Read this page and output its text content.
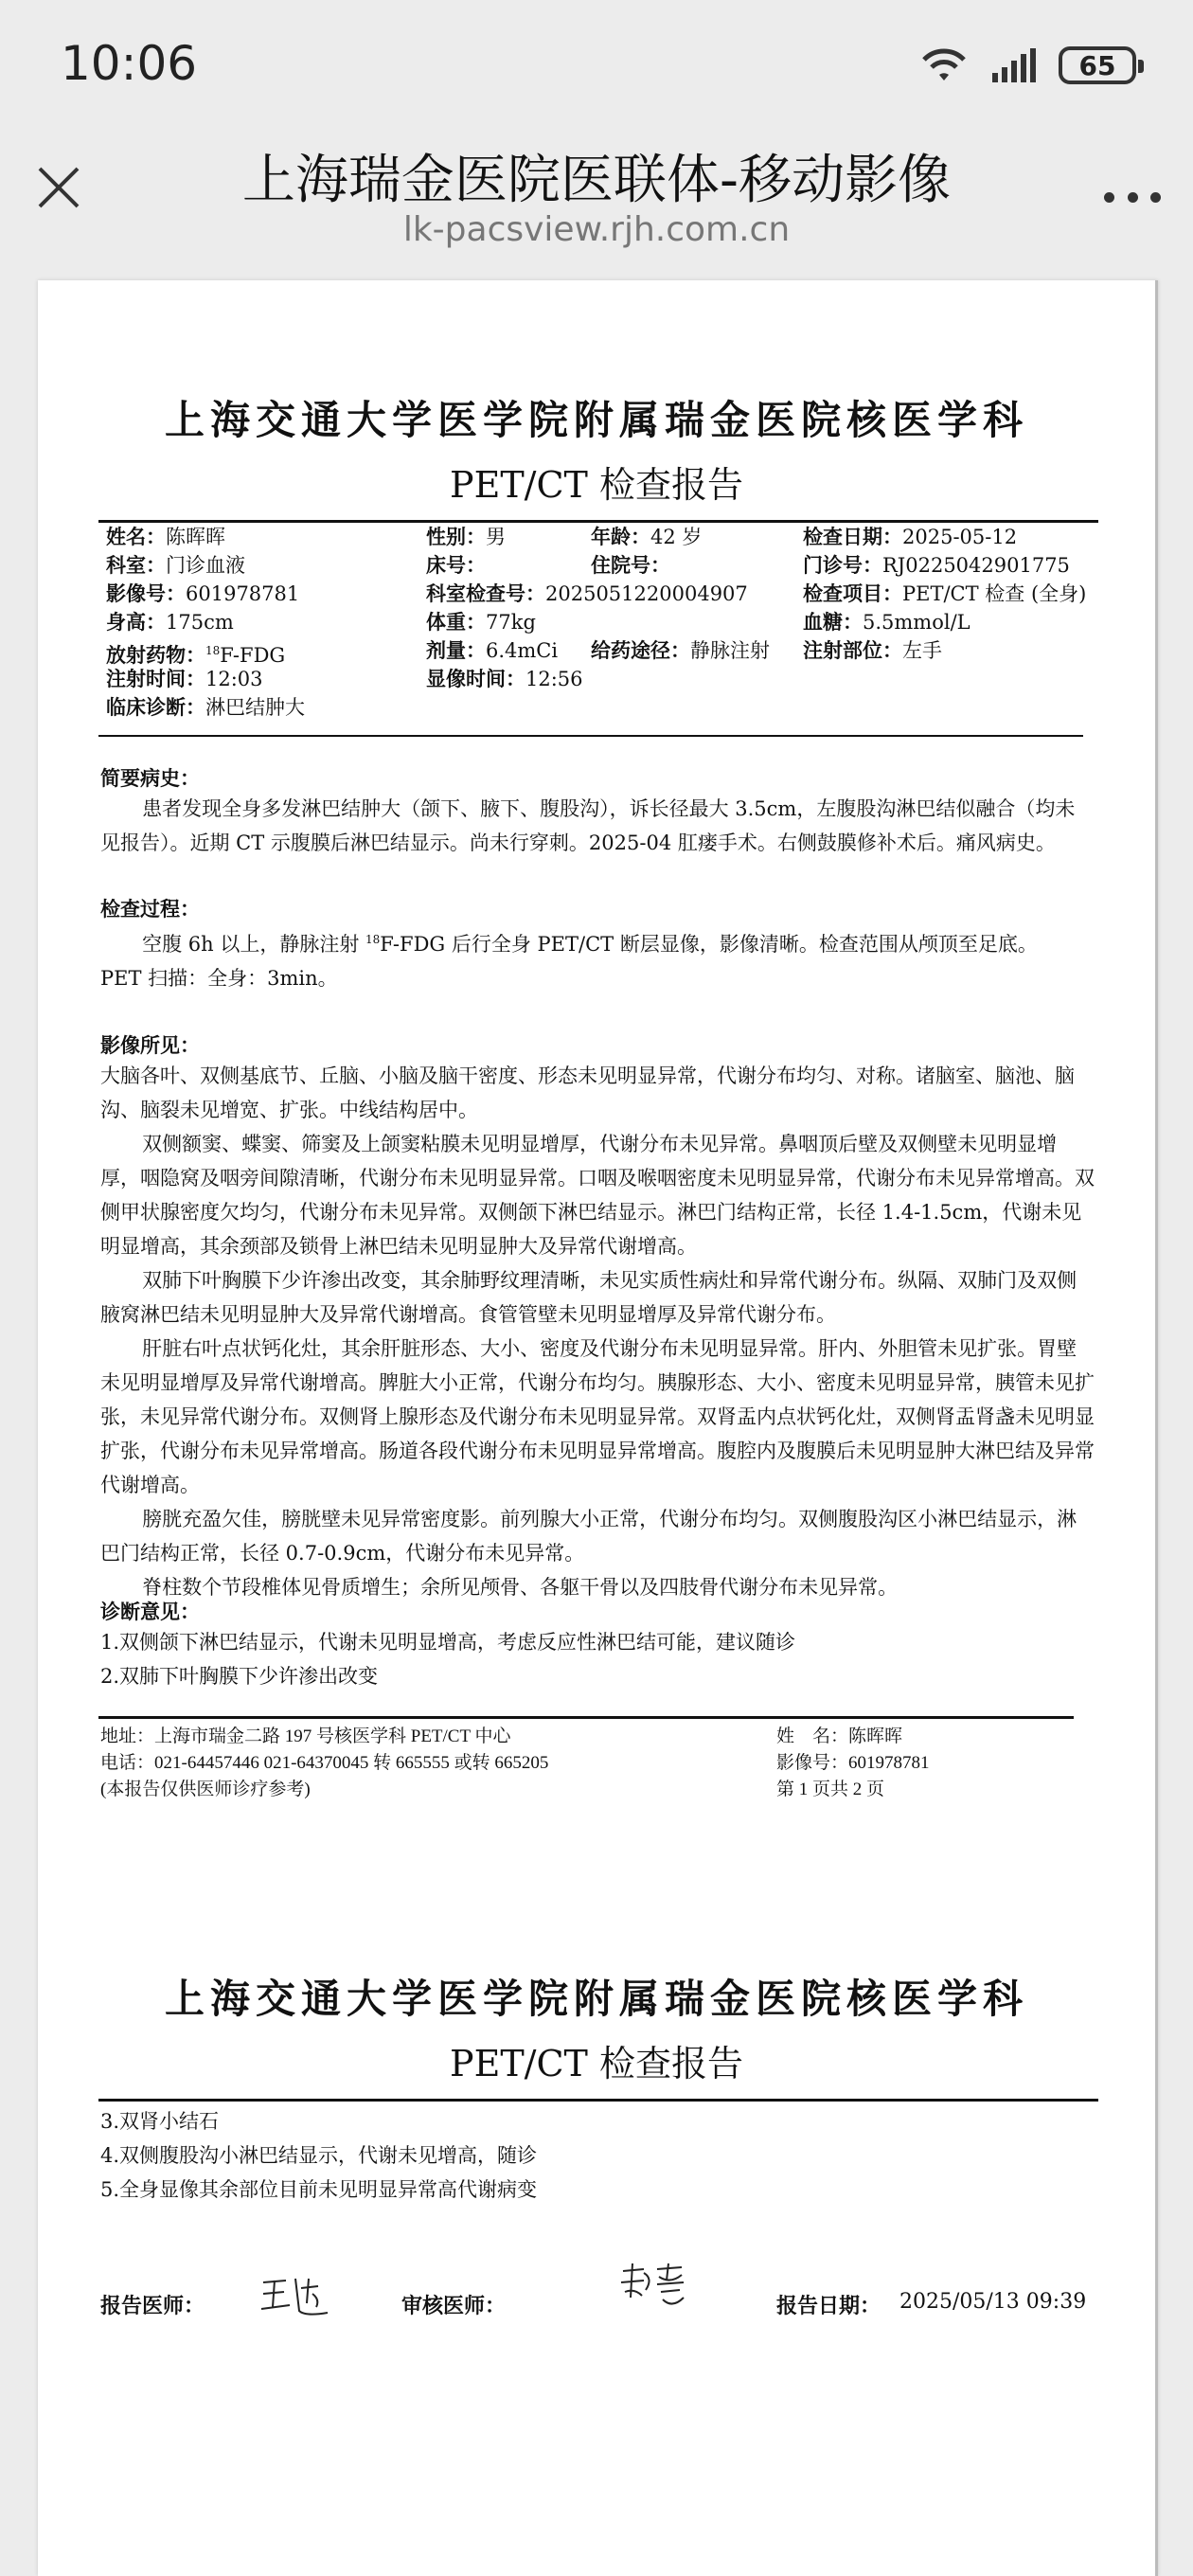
10:06	65
上海瑞金医院医联体-移动影像
lk-pacsview.rjh.com.cn
上海交通大学医学院附属瑞金医院核医学科
PET/CT 检查报告
姓名：陈晖晖	性别：男	年龄：42 岁	检查日期：2025-05-12
科室：门诊血液	床号：	住院号：	门诊号：RJ0225042901775
影像号：601978781	科室检查号：2025051220004907	检查项目：PET/CT 检查 (全身)
身高：175cm	体重：77kg	血糖：5.5mmol/L
放射药物：$^{18}$F-FDG	剂量：6.4mCi 给药途径：静脉注射 注射部位：左手
注射时间：12:03	显像时间：12:56
临床诊断：淋巴结肿大
简要病史：

患者发现全身多发淋巴结肿大（颌下、腋下、腹股沟），诉长径最大 3.5cm，左腹股沟淋巴结似融合（均未见报告）。近期 CT 示腹膜后淋巴结显示。尚未行穿刺。2025-04 肛瘘手术。右侧鼓膜修补术后。痛风病史。

检查过程：

空腹 6h 以上，静脉注射 $^{18}$F-FDG 后行全身 PET/CT 断层显像，影像清晰。检查范围从颅顶至足底。

PET 扫描：全身：3min。

影像所见：

大脑各叶、双侧基底节、丘脑、小脑及脑干密度、形态未见明显异常，代谢分布均匀、对称。诸脑室、脑池、脑沟、脑裂未见增宽、扩张。中线结构居中。

双侧额窦、蝶窦、筛窦及上颌窦粘膜未见明显增厚，代谢分布未见异常。鼻咽顶后壁及双侧壁未见明显增厚，咽隐窝及咽旁间隙清晰，代谢分布未见明显异常。口咽及喉咽密度未见明显异常，代谢分布未见异常增高。双侧甲状腺密度欠均匀，代谢分布未见异常。双侧颌下淋巴结显示。淋巴门结构正常，长径 1.4-1.5cm，代谢未见明显增高，其余颈部及锁骨上淋巴结未见明显肿大及异常代谢增高。

双肺下叶胸膜下少许渗出改变，其余肺野纹理清晰，未见实质性病灶和异常代谢分布。纵隔、双肺门及双侧腋窝淋巴结未见明显肿大及异常代谢增高。食管管壁未见明显增厚及异常代谢分布。

肝脏右叶点状钙化灶，其余肝脏形态、大小、密度及代谢分布未见明显异常。肝内、外胆管未见扩张。胃壁未见明显增厚及异常代谢增高。脾脏大小正常，代谢分布均匀。胰腺形态、大小、密度未见明显异常，胰管未见扩张，未见异常代谢分布。双侧肾上腺形态及代谢分布未见明显异常。双肾盂内点状钙化灶，双侧肾盂肾盏未见明显扩张，代谢分布未见异常增高。肠道各段代谢分布未见明显异常增高。腹腔内及腹膜后未见明显肿大淋巴结及异常代谢增高。

膀胱充盈欠佳，膀胱壁未见异常密度影。前列腺大小正常，代谢分布均匀。双侧腹股沟区小淋巴结显示，淋巴门结构正常，长径 0.7-0.9cm，代谢分布未见异常。

脊柱数个节段椎体见骨质增生；余所见颅骨、各躯干骨以及四肢骨代谢分布未见异常。

诊断意见：

1.双侧颌下淋巴结显示，代谢未见明显增高，考虑反应性淋巴结可能，建议随诊

2.双肺下叶胸膜下少许渗出改变

地址：上海市瑞金二路 197 号核医学科 PET/CT 中心
电话：021-64457446 021-64370045 转 665555 或转 665205
(本报告仅供医师诊疗参考)
姓    名：陈晖晖
影像号：601978781
第 1 页共 2 页
上海交通大学医学院附属瑞金医院核医学科
PET/CT 检查报告

3.双肾小结石

4.双侧腹股沟小淋巴结显示，代谢未见增高，随诊

5.全身显像其余部位目前未见明显异常高代谢病变

报告医师：	审核医师：	报告日期： 2025/05/13 09:39
